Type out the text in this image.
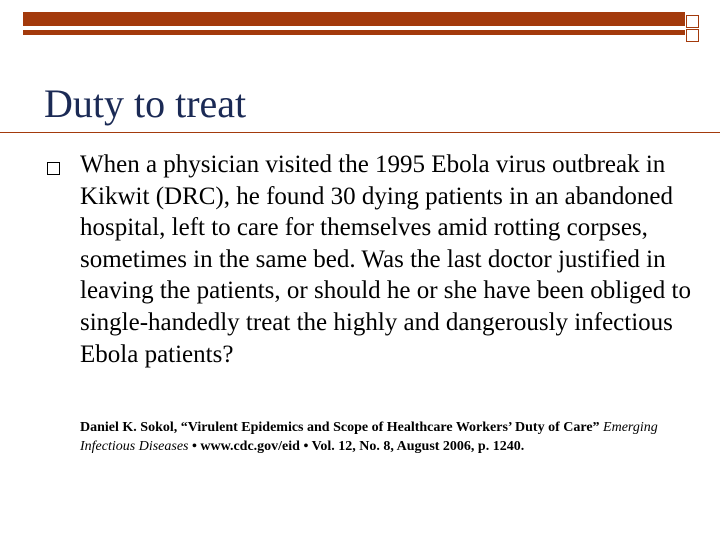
Duty to treat
When a physician visited the 1995 Ebola virus outbreak in Kikwit (DRC), he found 30 dying patients in an abandoned hospital, left to care for themselves amid rotting corpses, sometimes in the same bed. Was the last doctor justified in leaving the patients, or should he or she have been obliged to single-handedly treat the highly and dangerously infectious Ebola patients?
Daniel K. Sokol, “Virulent Epidemics and Scope of Healthcare Workers’ Duty of Care” Emerging Infectious Diseases • www.cdc.gov/eid • Vol. 12, No. 8, August 2006, p. 1240.
